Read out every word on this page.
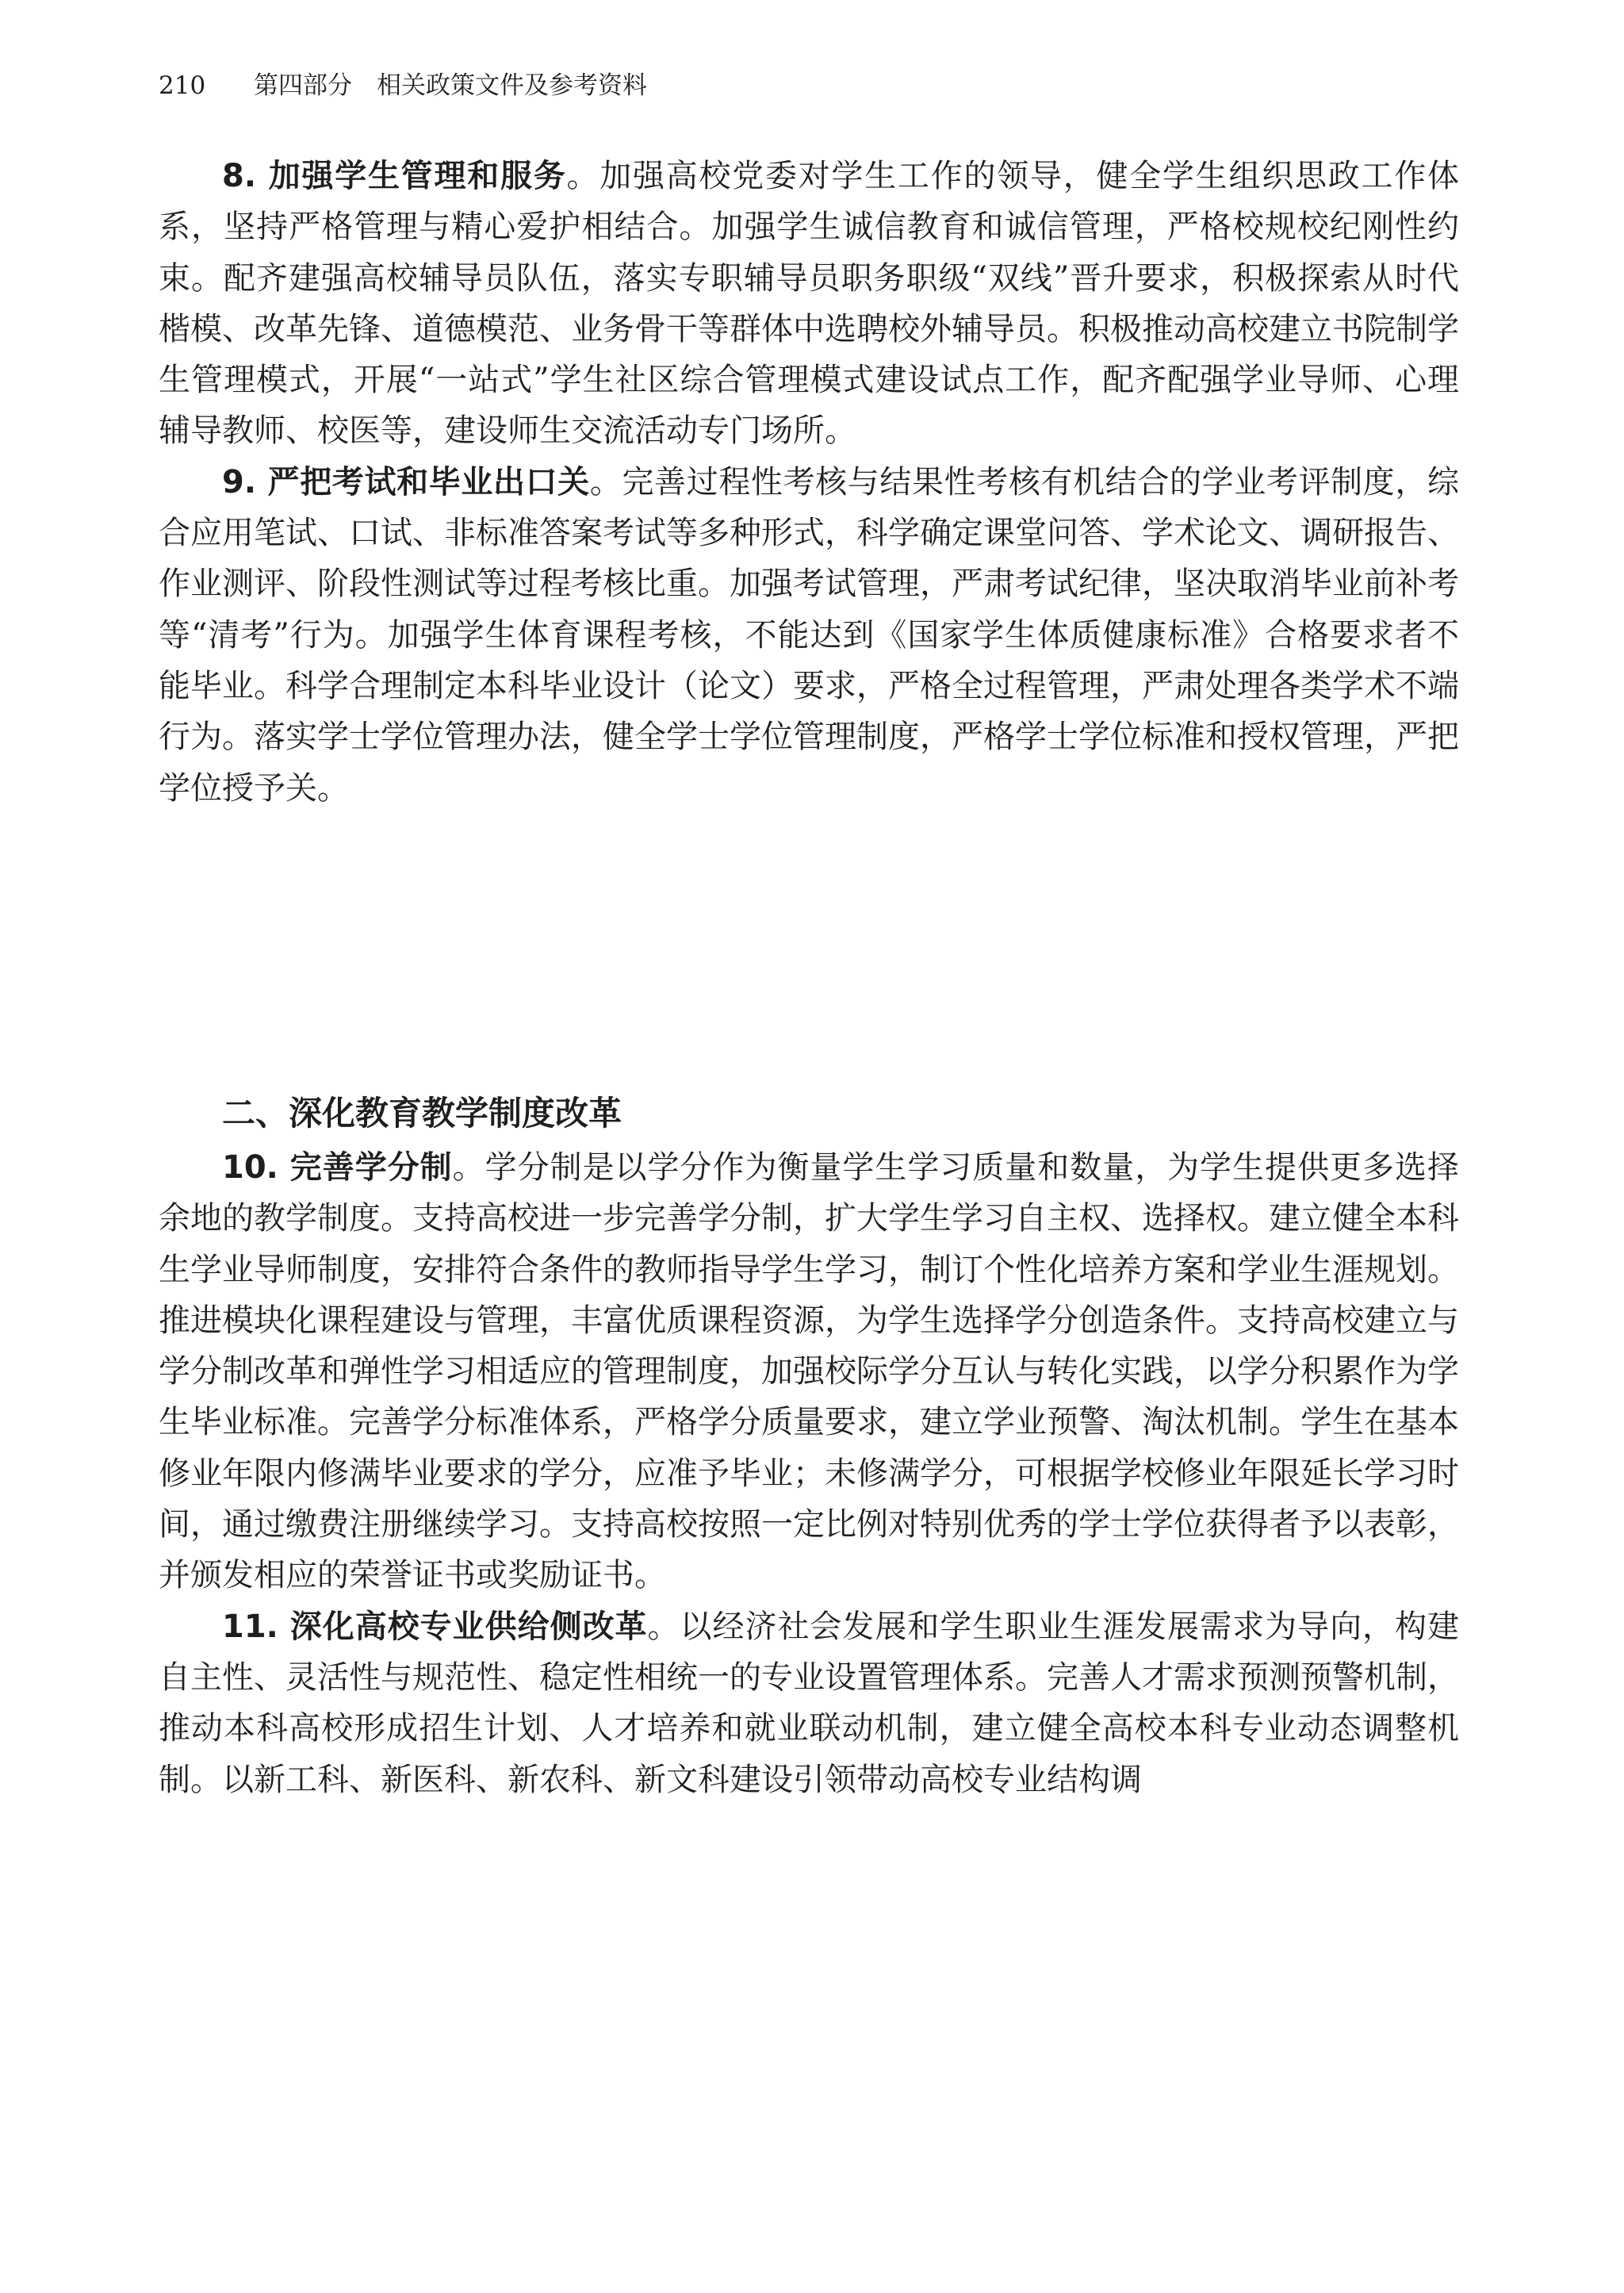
210 第四部分　相关政策文件及参考资料

8. 加强学生管理和服务。加强高校党委对学生工作的领导，健全学生组织思政工作体系，坚持严格管理与精心爱护相结合。加强学生诚信教育和诚信管理，严格校规校纪刚性约束。配齐建强高校辅导员队伍，落实专职辅导员职务职级“双线”晋升要求，积极探索从时代楷模、改革先锋、道德模范、业务骨干等群体中选聘校外辅导员。积极推动高校建立书院制学生管理模式，开展“一站式”学生社区综合管理模式建设试点工作，配齐配强学业导师、心理辅导教师、校医等，建设师生交流活动专门场所。

9. 严把考试和毕业出口关。完善过程性考核与结果性考核有机结合的学业考评制度，综合应用笔试、口试、非标准答案考试等多种形式，科学确定课堂问答、学术论文、调研报告、作业测评、阶段性测试等过程考核比重。加强考试管理，严肃考试纪律，坚决取消毕业前补考等“清考”行为。加强学生体育课程考核，不能达到《国家学生体质健康标准》合格要求者不能毕业。科学合理制定本科毕业设计（论文）要求，严格全过程管理，严肃处理各类学术不端行为。落实学士学位管理办法，健全学士学位管理制度，严格学士学位标准和授权管理，严把学位授予关。

二、深化教育教学制度改革

10. 完善学分制。学分制是以学分作为衡量学生学习质量和数量，为学生提供更多选择余地的教学制度。支持高校进一步完善学分制，扩大学生学习自主权、选择权。建立健全本科生学业导师制度，安排符合条件的教师指导学生学习，制订个性化培养方案和学业生涯规划。推进模块化课程建设与管理，丰富优质课程资源，为学生选择学分创造条件。支持高校建立与学分制改革和弹性学习相适应的管理制度，加强校际学分互认与转化实践，以学分积累作为学生毕业标准。完善学分标准体系，严格学分质量要求，建立学业预警、淘汰机制。学生在基本修业年限内修满毕业要求的学分，应准予毕业；未修满学分，可根据学校修业年限延长学习时间，通过缴费注册继续学习。支持高校按照一定比例对特别优秀的学士学位获得者予以表彰，并颁发相应的荣誉证书或奖励证书。

11. 深化高校专业供给侧改革。以经济社会发展和学生职业生涯发展需求为导向，构建自主性、灵活性与规范性、稳定性相统一的专业设置管理体系。完善人才需求预测预警机制，推动本科高校形成招生计划、人才培养和就业联动机制，建立健全高校本科专业动态调整机制。以新工科、新医科、新农科、新文科建设引领带动高校专业结构调
